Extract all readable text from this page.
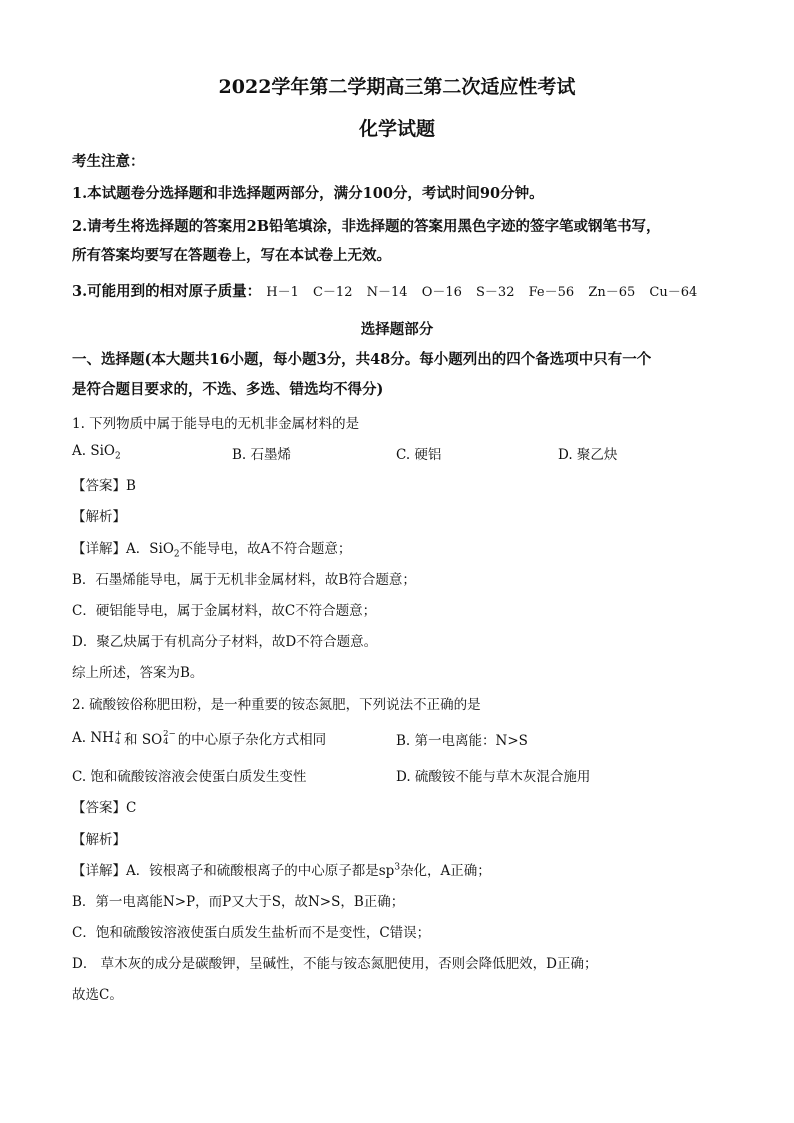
2022学年第二学期高三第二次适应性考试
化学试题
考生注意：
1.本试题卷分选择题和非选择题两部分，满分100分，考试时间90分钟。
2.请考生将选择题的答案用2B铅笔填涂，非选择题的答案用黑色字迹的签字笔或钢笔书写，
所有答案均要写在答题卷上，写在本试卷上无效。
3.可能用到的相对原子质量： H－1 C－12 N－14 O－16 S－32 Fe－56 Zn－65 Cu－64
选择题部分
一、选择题(本大题共16小题，每小题3分，共48分。每小题列出的四个备选项中只有一个
是符合题目要求的，不选、多选、错选均不得分)
1. 下列物质中属于能导电的无机非金属材料的是
A. SiO$_2$	B. 石墨烯	C. 硬铝	D. 聚乙炔
【答案】B
【解析】
【详解】A．SiO$_2$不能导电，故A不符合题意；
B．石墨烯能导电，属于无机非金属材料，故B符合题意；
C．硬铝能导电，属于金属材料，故C不符合题意；
D．聚乙炔属于有机高分子材料，故D不符合题意。
综上所述，答案为B。
2. 硫酸铵俗称肥田粉，是一种重要的铵态氮肥，下列说法不正确的是
A. NH +
4 和 SO 2−
4 的中心原子杂化方式相同	B. 第一电离能：N>S
C. 饱和硫酸铵溶液会使蛋白质发生变性	D. 硫酸铵不能与草木灰混合施用
【答案】C
【解析】
【详解】A．铵根离子和硫酸根离子的中心原子都是$sp^3$杂化，A正确；
B．第一电离能N>P，而P又大于S，故N>S，B正确；
C．饱和硫酸铵溶液使蛋白质发生盐析而不是变性，C错误；
D． 草木灰的成分是碳酸钾，呈碱性，不能与铵态氮肥使用，否则会降低肥效，D正确；
故选C。
